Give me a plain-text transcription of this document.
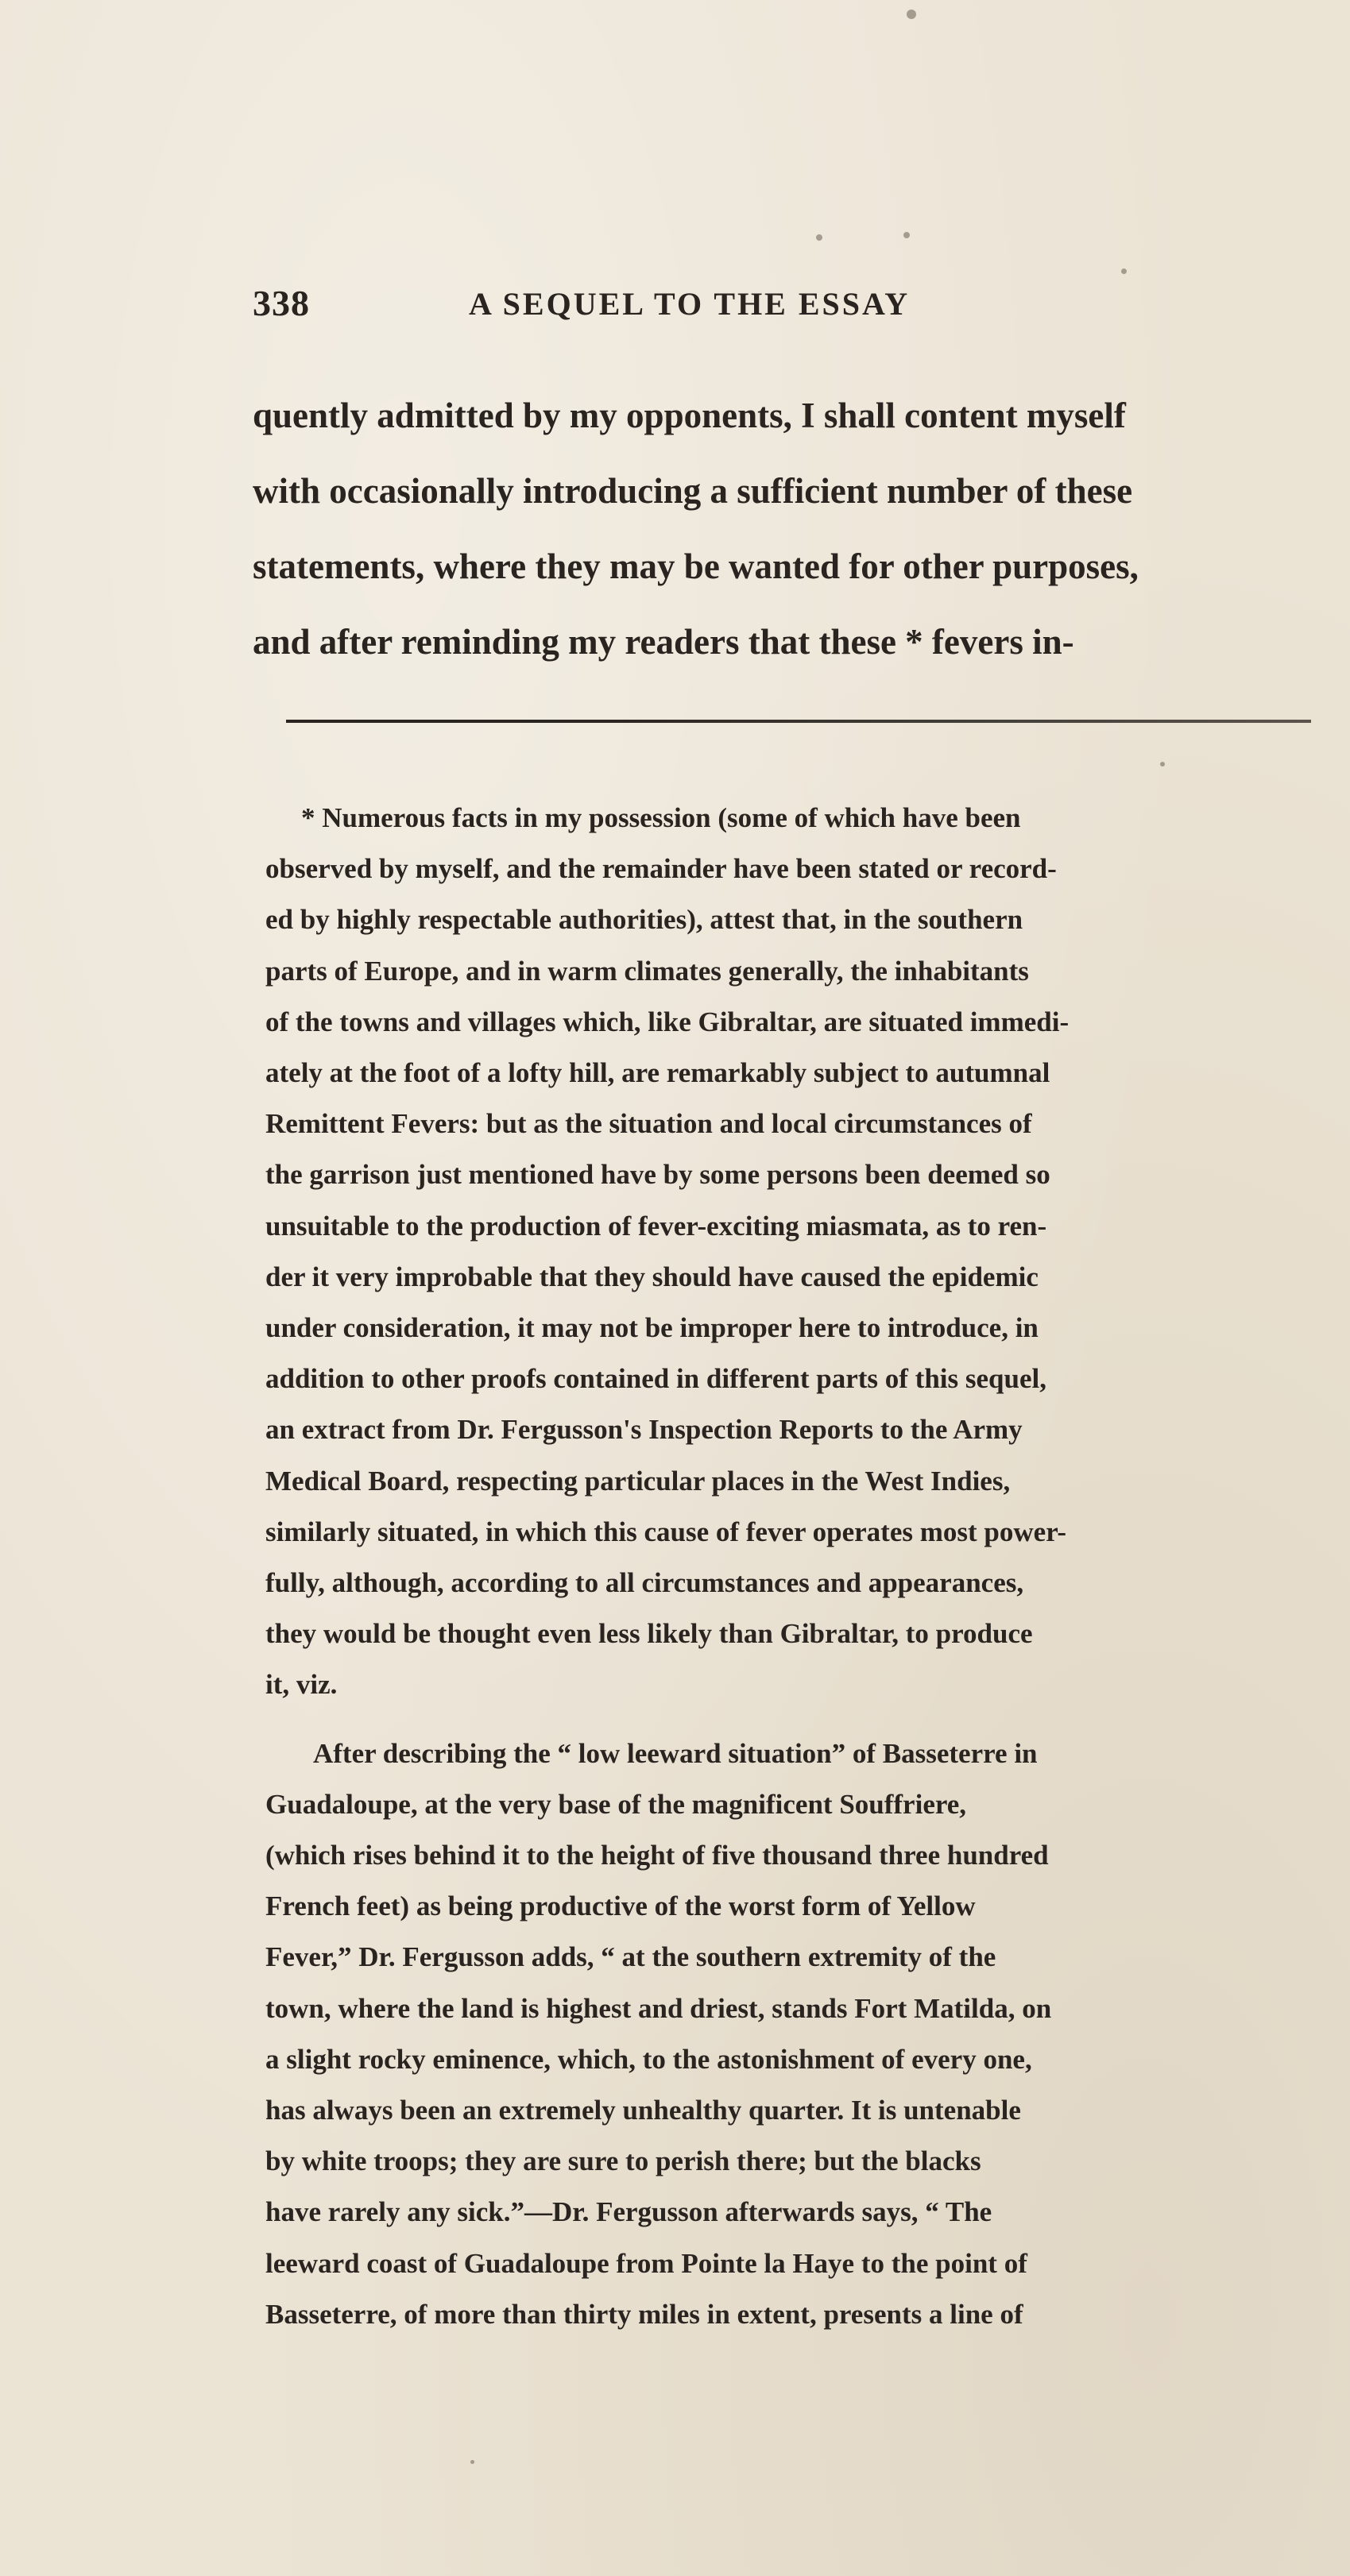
338	A SEQUEL TO THE ESSAY
quently admitted by my opponents, I shall content myself
with occasionally introducing a sufficient number of these
statements, where they may be wanted for other purposes,
and after reminding my readers that these * fevers in-
* Numerous facts in my possession (some of which have been
observed by myself, and the remainder have been stated or record-
ed by highly respectable authorities), attest that, in the southern
parts of Europe, and in warm climates generally, the inhabitants
of the towns and villages which, like Gibraltar, are situated immedi-
ately at the foot of a lofty hill, are remarkably subject to autumnal
Remittent Fevers: but as the situation and local circumstances of
the garrison just mentioned have by some persons been deemed so
unsuitable to the production of fever-exciting miasmata, as to ren-
der it very improbable that they should have caused the epidemic
under consideration, it may not be improper here to introduce, in
addition to other proofs contained in different parts of this sequel,
an extract from Dr. Fergusson's Inspection Reports to the Army
Medical Board, respecting particular places in the West Indies,
similarly situated, in which this cause of fever operates most power-
fully, although, according to all circumstances and appearances,
they would be thought even less likely than Gibraltar, to produce
it, viz.
After describing the “ low leeward situation” of Basseterre in
Guadaloupe, at the very base of the magnificent Souffriere,
(which rises behind it to the height of five thousand three hundred
French feet) as being productive of the worst form of Yellow
Fever,” Dr. Fergusson adds, “ at the southern extremity of the
town, where the land is highest and driest, stands Fort Matilda, on
a slight rocky eminence, which, to the astonishment of every one,
has always been an extremely unhealthy quarter. It is untenable
by white troops; they are sure to perish there; but the blacks
have rarely any sick.”—Dr. Fergusson afterwards says, “ The
leeward coast of Guadaloupe from Pointe la Haye to the point of
Basseterre, of more than thirty miles in extent, presents a line of
